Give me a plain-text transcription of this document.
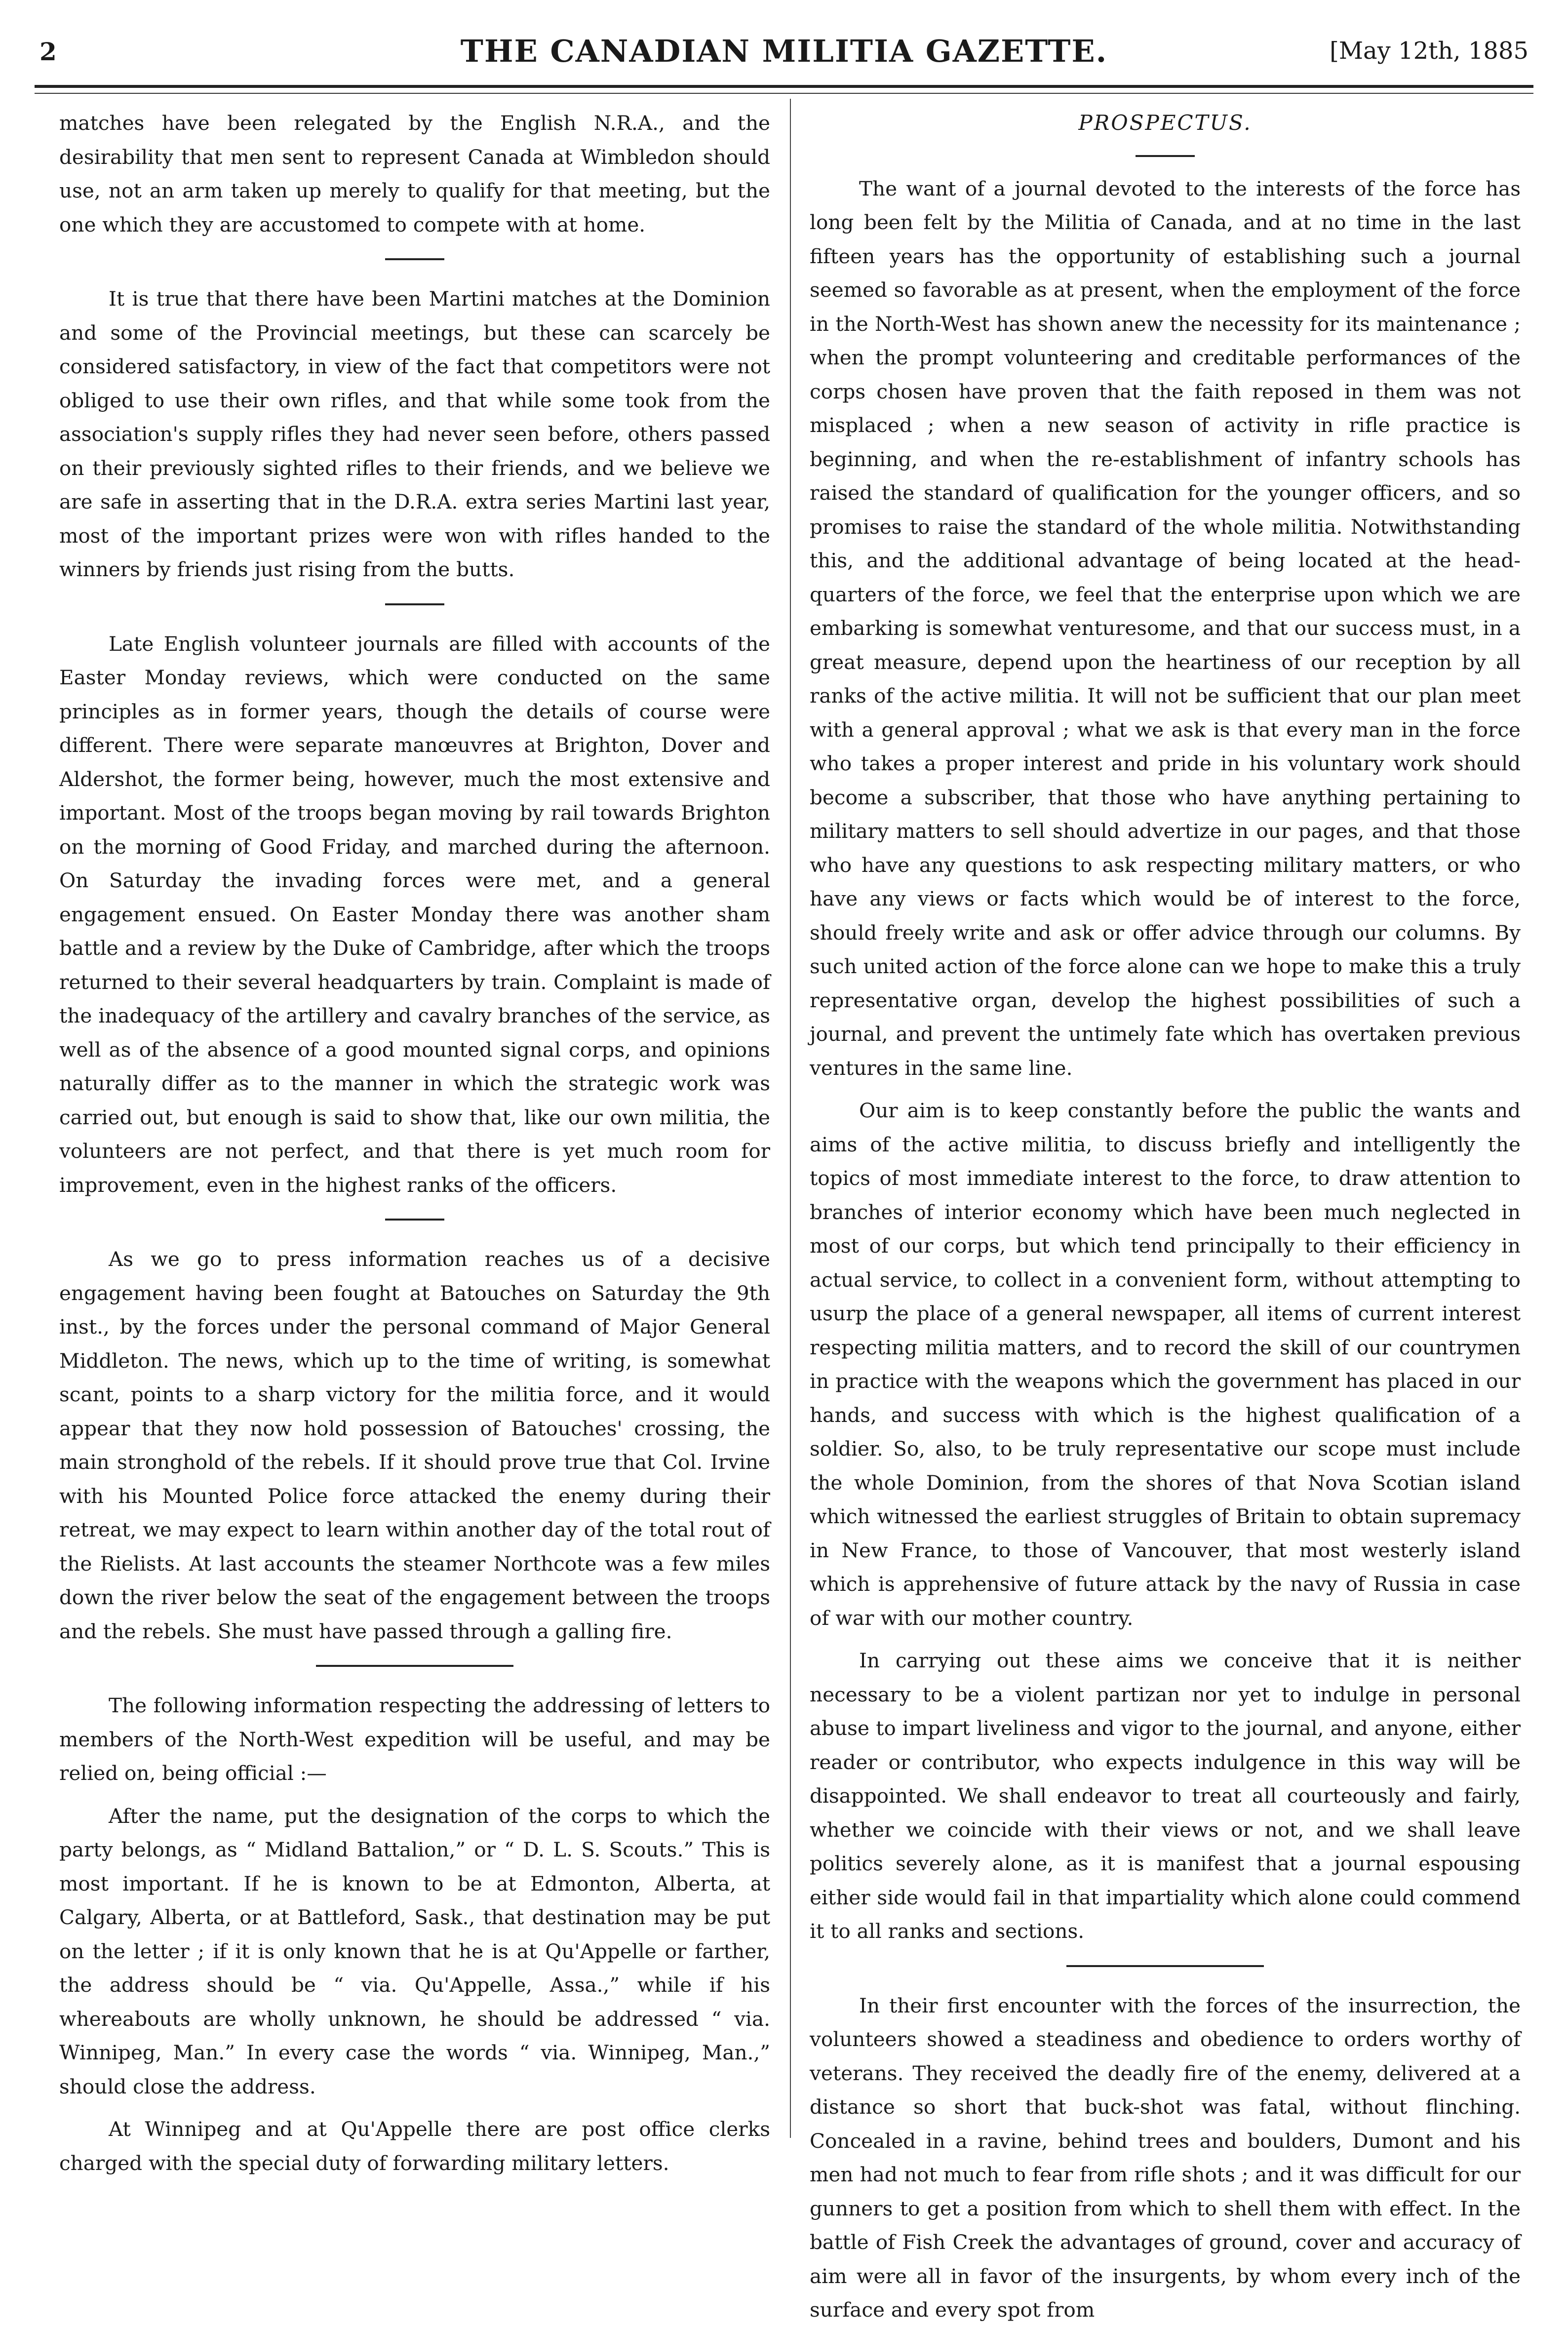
2	THE CANADIAN MILITIA GAZETTE.	[May 12th, 1885

matches have been relegated by the English N.R.A., and the desirability that men sent to represent Canada at Wimbledon should use, not an arm taken up merely to qualify for that meeting, but the one which they are accustomed to compete with at home.

It is true that there have been Martini matches at the Dominion and some of the Provincial meetings, but these can scarcely be considered satisfactory, in view of the fact that competitors were not obliged to use their own rifles, and that while some took from the association's supply rifles they had never seen before, others passed on their previously sighted rifles to their friends, and we believe we are safe in asserting that in the D.R.A. extra series Martini last year, most of the important prizes were won with rifles handed to the winners by friends just rising from the butts.

Late English volunteer journals are filled with accounts of the Easter Monday reviews, which were conducted on the same principles as in former years, though the details of course were different. There were separate manœuvres at Brighton, Dover and Aldershot, the former being, however, much the most extensive and important. Most of the troops began moving by rail towards Brighton on the morning of Good Friday, and marched during the afternoon. On Saturday the invading forces were met, and a general engagement ensued. On Easter Monday there was another sham battle and a review by the Duke of Cambridge, after which the troops returned to their several headquarters by train. Complaint is made of the inadequacy of the artillery and cavalry branches of the service, as well as of the absence of a good mounted signal corps, and opinions naturally differ as to the manner in which the strategic work was carried out, but enough is said to show that, like our own militia, the volunteers are not perfect, and that there is yet much room for improvement, even in the highest ranks of the officers.

As we go to press information reaches us of a decisive engagement having been fought at Batouches on Saturday the 9th inst., by the forces under the personal command of Major General Middleton. The news, which up to the time of writing, is somewhat scant, points to a sharp victory for the militia force, and it would appear that they now hold possession of Batouches' crossing, the main stronghold of the rebels. If it should prove true that Col. Irvine with his Mounted Police force attacked the enemy during their retreat, we may expect to learn within another day of the total rout of the Rielists. At last accounts the steamer Northcote was a few miles down the river below the seat of the engagement between the troops and the rebels. She must have passed through a galling fire.

The following information respecting the addressing of letters to members of the North-West expedition will be useful, and may be relied on, being official :—

After the name, put the designation of the corps to which the party belongs, as “ Midland Battalion,” or “ D. L. S. Scouts.” This is most important. If he is known to be at Edmonton, Alberta, at Calgary, Alberta, or at Battleford, Sask., that destination may be put on the letter ; if it is only known that he is at Qu'Appelle or farther, the address should be “ via. Qu'Appelle, Assa.,” while if his whereabouts are wholly unknown, he should be addressed “ via. Winnipeg, Man.” In every case the words “ via. Winnipeg, Man.,” should close the address.

At Winnipeg and at Qu'Appelle there are post office clerks charged with the special duty of forwarding military letters.

PROSPECTUS.

The want of a journal devoted to the interests of the force has long been felt by the Militia of Canada, and at no time in the last fifteen years has the opportunity of establishing such a journal seemed so favorable as at present, when the employment of the force in the North-West has shown anew the necessity for its maintenance ; when the prompt volunteering and creditable performances of the corps chosen have proven that the faith reposed in them was not misplaced ; when a new season of activity in rifle practice is beginning, and when the re-establishment of infantry schools has raised the standard of qualification for the younger officers, and so promises to raise the standard of the whole militia. Notwithstanding this, and the additional advantage of being located at the head-quarters of the force, we feel that the enterprise upon which we are embarking is somewhat venturesome, and that our success must, in a great measure, depend upon the heartiness of our reception by all ranks of the active militia. It will not be sufficient that our plan meet with a general approval ; what we ask is that every man in the force who takes a proper interest and pride in his voluntary work should become a subscriber, that those who have anything pertaining to military matters to sell should advertize in our pages, and that those who have any questions to ask respecting military matters, or who have any views or facts which would be of interest to the force, should freely write and ask or offer advice through our columns. By such united action of the force alone can we hope to make this a truly representative organ, develop the highest possibilities of such a journal, and prevent the untimely fate which has overtaken previous ventures in the same line.

Our aim is to keep constantly before the public the wants and aims of the active militia, to discuss briefly and intelligently the topics of most immediate interest to the force, to draw attention to branches of interior economy which have been much neglected in most of our corps, but which tend principally to their efficiency in actual service, to collect in a convenient form, without attempting to usurp the place of a general newspaper, all items of current interest respecting militia matters, and to record the skill of our countrymen in practice with the weapons which the government has placed in our hands, and success with which is the highest qualification of a soldier. So, also, to be truly representative our scope must include the whole Dominion, from the shores of that Nova Scotian island which witnessed the earliest struggles of Britain to obtain supremacy in New France, to those of Vancouver, that most westerly island which is apprehensive of future attack by the navy of Russia in case of war with our mother country.

In carrying out these aims we conceive that it is neither necessary to be a violent partizan nor yet to indulge in personal abuse to impart liveliness and vigor to the journal, and anyone, either reader or contributor, who expects indulgence in this way will be disappointed. We shall endeavor to treat all courteously and fairly, whether we coincide with their views or not, and we shall leave politics severely alone, as it is manifest that a journal espousing either side would fail in that impartiality which alone could commend it to all ranks and sections.

In their first encounter with the forces of the insurrection, the volunteers showed a steadiness and obedience to orders worthy of veterans. They received the deadly fire of the enemy, delivered at a distance so short that buck-shot was fatal, without flinching. Concealed in a ravine, behind trees and boulders, Dumont and his men had not much to fear from rifle shots ; and it was difficult for our gunners to get a position from which to shell them with effect. In the battle of Fish Creek the advantages of ground, cover and accuracy of aim were all in favor of the insurgents, by whom every inch of the surface and every spot from
